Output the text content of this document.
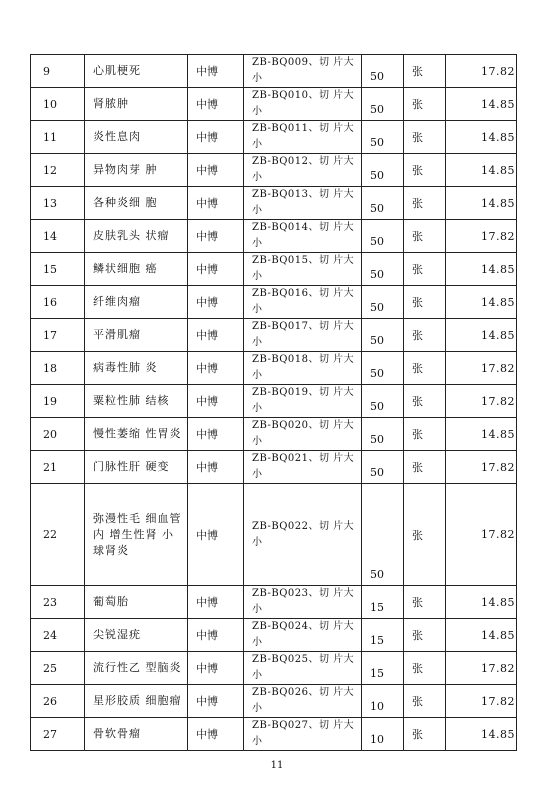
9	心肌梗死	中博	ZB-BQ009、切 片大小	50	张	17.82
10	肾脓肿	中博	ZB-BQ010、切 片大小	50	张	14.85
11	炎性息肉	中博	ZB-BQ011、切 片大小	50	张	14.85
12	异物肉芽 肿	中博	ZB-BQ012、切 片大小	50	张	14.85
13	各种炎细 胞	中博	ZB-BQ013、切 片大小	50	张	14.85
14	皮肤乳头 状瘤	中博	ZB-BQ014、切 片大小	50	张	17.82
15	鳞状细胞 癌	中博	ZB-BQ015、切 片大小	50	张	14.85
16	纤维肉瘤	中博	ZB-BQ016、切 片大小	50	张	14.85
17	平滑肌瘤	中博	ZB-BQ017、切 片大小	50	张	14.85
18	病毒性肺 炎	中博	ZB-BQ018、切 片大小	50	张	17.82
19	粟粒性肺 结核	中博	ZB-BQ019、切 片大小	50	张	17.82
20	慢性萎缩 性胃炎	中博	ZB-BQ020、切 片大小	50	张	14.85
21	门脉性肝 硬变	中博	ZB-BQ021、切 片大小	50	张	17.82
22	弥漫性毛 细血管内 增生性肾 小球肾炎	中博	ZB-BQ022、切 片大小	50	张	17.82
23	葡萄胎	中博	ZB-BQ023、切 片大小	15	张	14.85
24	尖锐湿疣	中博	ZB-BQ024、切 片大小	15	张	14.85
25	流行性乙 型脑炎	中博	ZB-BQ025、切 片大小	15	张	17.82
26	星形胶质 细胞瘤	中博	ZB-BQ026、切 片大小	10	张	17.82
27	骨软骨瘤	中博	ZB-BQ027、切 片大小	10	张	14.85
11
